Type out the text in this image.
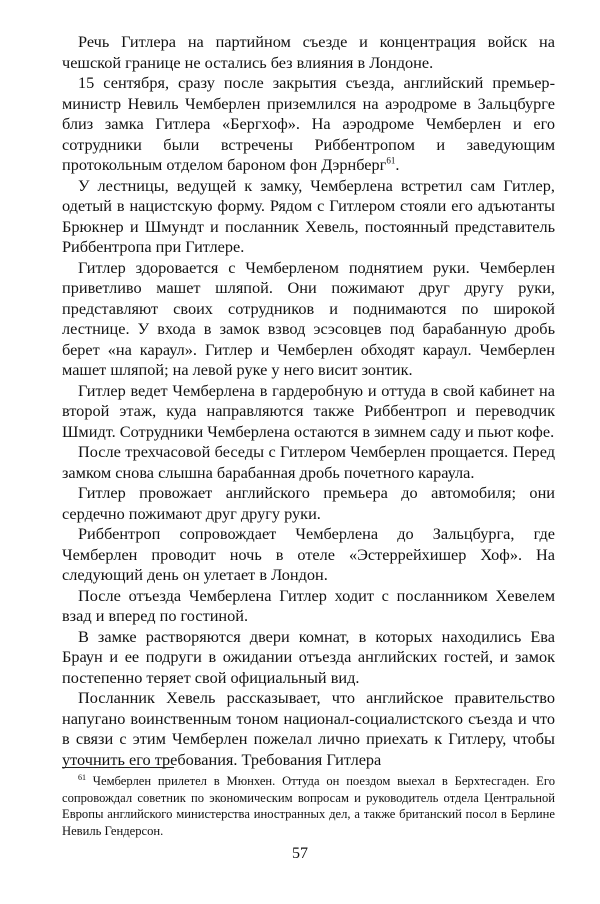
Речь Гитлера на партийном съезде и концентрация войск на чешской границе не остались без влияния в Лондоне.

15 сентября, сразу после закрытия съезда, английский премьер-министр Невиль Чемберлен приземлился на аэродроме в Зальцбурге близ замка Гитлера «Бергхоф». На аэродроме Чемберлен и его сотрудники были встречены Риббентропом и заведующим протокольным отделом бароном фон Дэрнберг$^{61}$.

У лестницы, ведущей к замку, Чемберлена встретил сам Гитлер, одетый в нацистскую форму. Рядом с Гитлером стояли его адъютанты Брюкнер и Шмундт и посланник Хевель, постоянный представитель Риббентропа при Гитлере.

Гитлер здоровается с Чемберленом поднятием руки. Чемберлен приветливо машет шляпой. Они пожимают друг другу руки, представляют своих сотрудников и поднимаются по широкой лестнице. У входа в замок взвод эсэсовцев под барабанную дробь берет «на караул». Гитлер и Чемберлен обходят караул. Чемберлен машет шляпой; на левой руке у него висит зонтик.

Гитлер ведет Чемберлена в гардеробную и оттуда в свой кабинет на второй этаж, куда направляются также Риббентроп и переводчик Шмидт. Сотрудники Чемберлена остаются в зимнем саду и пьют кофе.

После трехчасовой беседы с Гитлером Чемберлен прощается. Перед замком снова слышна барабанная дробь почетного караула.

Гитлер провожает английского премьера до автомобиля; они сердечно пожимают друг другу руки.

Риббентроп сопровождает Чемберлена до Зальцбурга, где Чемберлен проводит ночь в отеле «Эстеррейхишер Хоф». На следующий день он улетает в Лондон.

После отъезда Чемберлена Гитлер ходит с посланником Хевелем взад и вперед по гостиной.

В замке растворяются двери комнат, в которых находились Ева Браун и ее подруги в ожидании отъезда английских гостей, и замок постепенно теряет свой официальный вид.

Посланник Хевель рассказывает, что английское правительство напугано воинственным тоном национал-социалистского съезда и что в связи с этим Чемберлен пожелал лично приехать к Гитлеру, чтобы уточнить его требования. Требования Гитлера

$^{61}$ Чемберлен прилетел в Мюнхен. Оттуда он поездом выехал в Берхтесгаден. Его сопровождал советник по экономическим вопросам и руководитель отдела Центральной Европы английского министерства иностранных дел, а также британский посол в Берлине Невиль Гендерсон.

57
